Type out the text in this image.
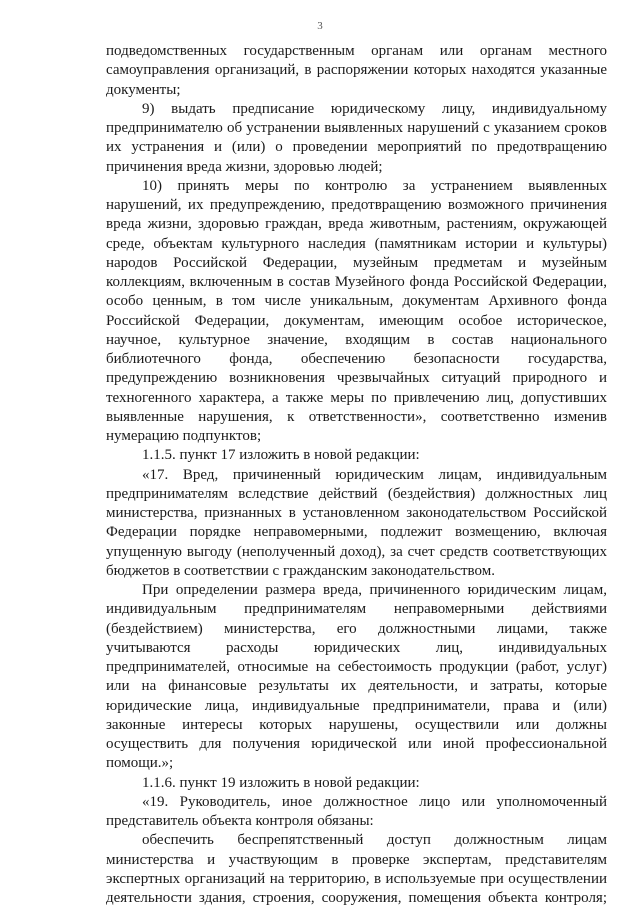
3
подведомственных государственным органам или органам местного
самоуправления организаций, в распоряжении которых находятся указанные
документы;
9) выдать предписание юридическому лицу, индивидуальному
предпринимателю об устранении выявленных нарушений с указанием сроков
их устранения и (или) о проведении мероприятий по предотвращению
причинения вреда жизни, здоровью людей;
10) принять меры по контролю за устранением выявленных
нарушений, их предупреждению, предотвращению возможного причинения
вреда жизни, здоровью граждан, вреда животным, растениям, окружающей
среде, объектам культурного наследия (памятникам истории и культуры)
народов Российской Федерации, музейным предметам и музейным
коллекциям, включенным в состав Музейного фонда Российской Федерации,
особо ценным, в том числе уникальным, документам Архивного фонда
Российской Федерации, документам, имеющим особое историческое,
научное, культурное значение, входящим в состав национального
библиотечного фонда, обеспечению безопасности государства,
предупреждению возникновения чрезвычайных ситуаций природного и
техногенного характера, а также меры по привлечению лиц, допустивших
выявленные нарушения, к ответственности», соответственно изменив
нумерацию подпунктов;
1.1.5. пункт 17 изложить в новой редакции:
«17. Вред, причиненный юридическим лицам, индивидуальным
предпринимателям вследствие действий (бездействия) должностных лиц
министерства, признанных в установленном законодательством Российской
Федерации порядке неправомерными, подлежит возмещению, включая
упущенную выгоду (неполученный доход), за счет средств соответствующих
бюджетов в соответствии с гражданским законодательством.
При определении размера вреда, причиненного юридическим лицам,
индивидуальным предпринимателям неправомерными действиями
(бездействием) министерства, его должностными лицами, также
учитываются расходы юридических лиц, индивидуальных
предпринимателей, относимые на себестоимость продукции (работ, услуг)
или на финансовые результаты их деятельности, и затраты, которые
юридические лица, индивидуальные предприниматели, права и (или)
законные интересы которых нарушены, осуществили или должны
осуществить для получения юридической или иной профессиональной
помощи.»;
1.1.6. пункт 19 изложить в новой редакции:
«19. Руководитель, иное должностное лицо или уполномоченный
представитель объекта контроля обязаны:
обеспечить беспрепятственный доступ должностным лицам
министерства и участвующим в проверке экспертам, представителям
экспертных организаций на территорию, в используемые при осуществлении
деятельности здания, строения, сооружения, помещения объекта контроля;
